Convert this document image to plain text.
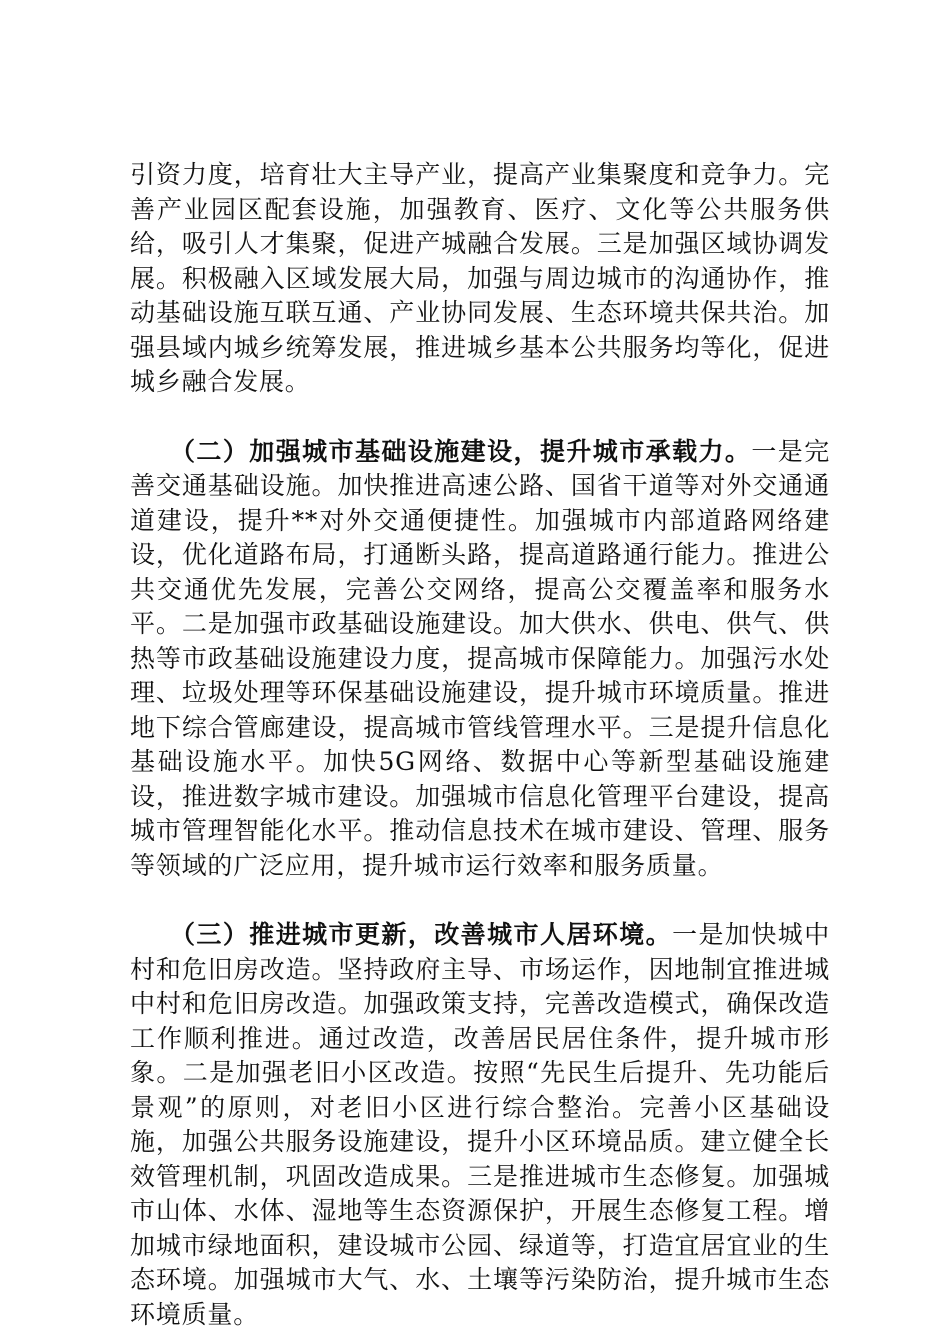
引资力度，培育壮大主导产业，提高产业集聚度和竞争力。完善产业园区配套设施，加强教育、医疗、文化等公共服务供给，吸引人才集聚，促进产城融合发展。三是加强区域协调发展。积极融入区域发展大局，加强与周边城市的沟通协作，推动基础设施互联互通、产业协同发展、生态环境共保共治。加强县域内城乡统筹发展，推进城乡基本公共服务均等化，促进城乡融合发展。

（二）加强城市基础设施建设，提升城市承载力。一是完善交通基础设施。加快推进高速公路、国省干道等对外交通通道建设，提升**对外交通便捷性。加强城市内部道路网络建设，优化道路布局，打通断头路，提高道路通行能力。推进公共交通优先发展，完善公交网络，提高公交覆盖率和服务水平。二是加强市政基础设施建设。加大供水、供电、供气、供热等市政基础设施建设力度，提高城市保障能力。加强污水处理、垃圾处理等环保基础设施建设，提升城市环境质量。推进地下综合管廊建设，提高城市管线管理水平。三是提升信息化基础设施水平。加快5G网络、数据中心等新型基础设施建设，推进数字城市建设。加强城市信息化管理平台建设，提高城市管理智能化水平。推动信息技术在城市建设、管理、服务等领域的广泛应用，提升城市运行效率和服务质量。

（三）推进城市更新，改善城市人居环境。一是加快城中村和危旧房改造。坚持政府主导、市场运作，因地制宜推进城中村和危旧房改造。加强政策支持，完善改造模式，确保改造工作顺利推进。通过改造，改善居民居住条件，提升城市形象。二是加强老旧小区改造。按照“先民生后提升、先功能后景观”的原则，对老旧小区进行综合整治。完善小区基础设施，加强公共服务设施建设，提升小区环境品质。建立健全长效管理机制，巩固改造成果。三是推进城市生态修复。加强城市山体、水体、湿地等生态资源保护，开展生态修复工程。增加城市绿地面积，建设城市公园、绿道等，打造宜居宜业的生态环境。加强城市大气、水、土壤等污染防治，提升城市生态环境质量。
